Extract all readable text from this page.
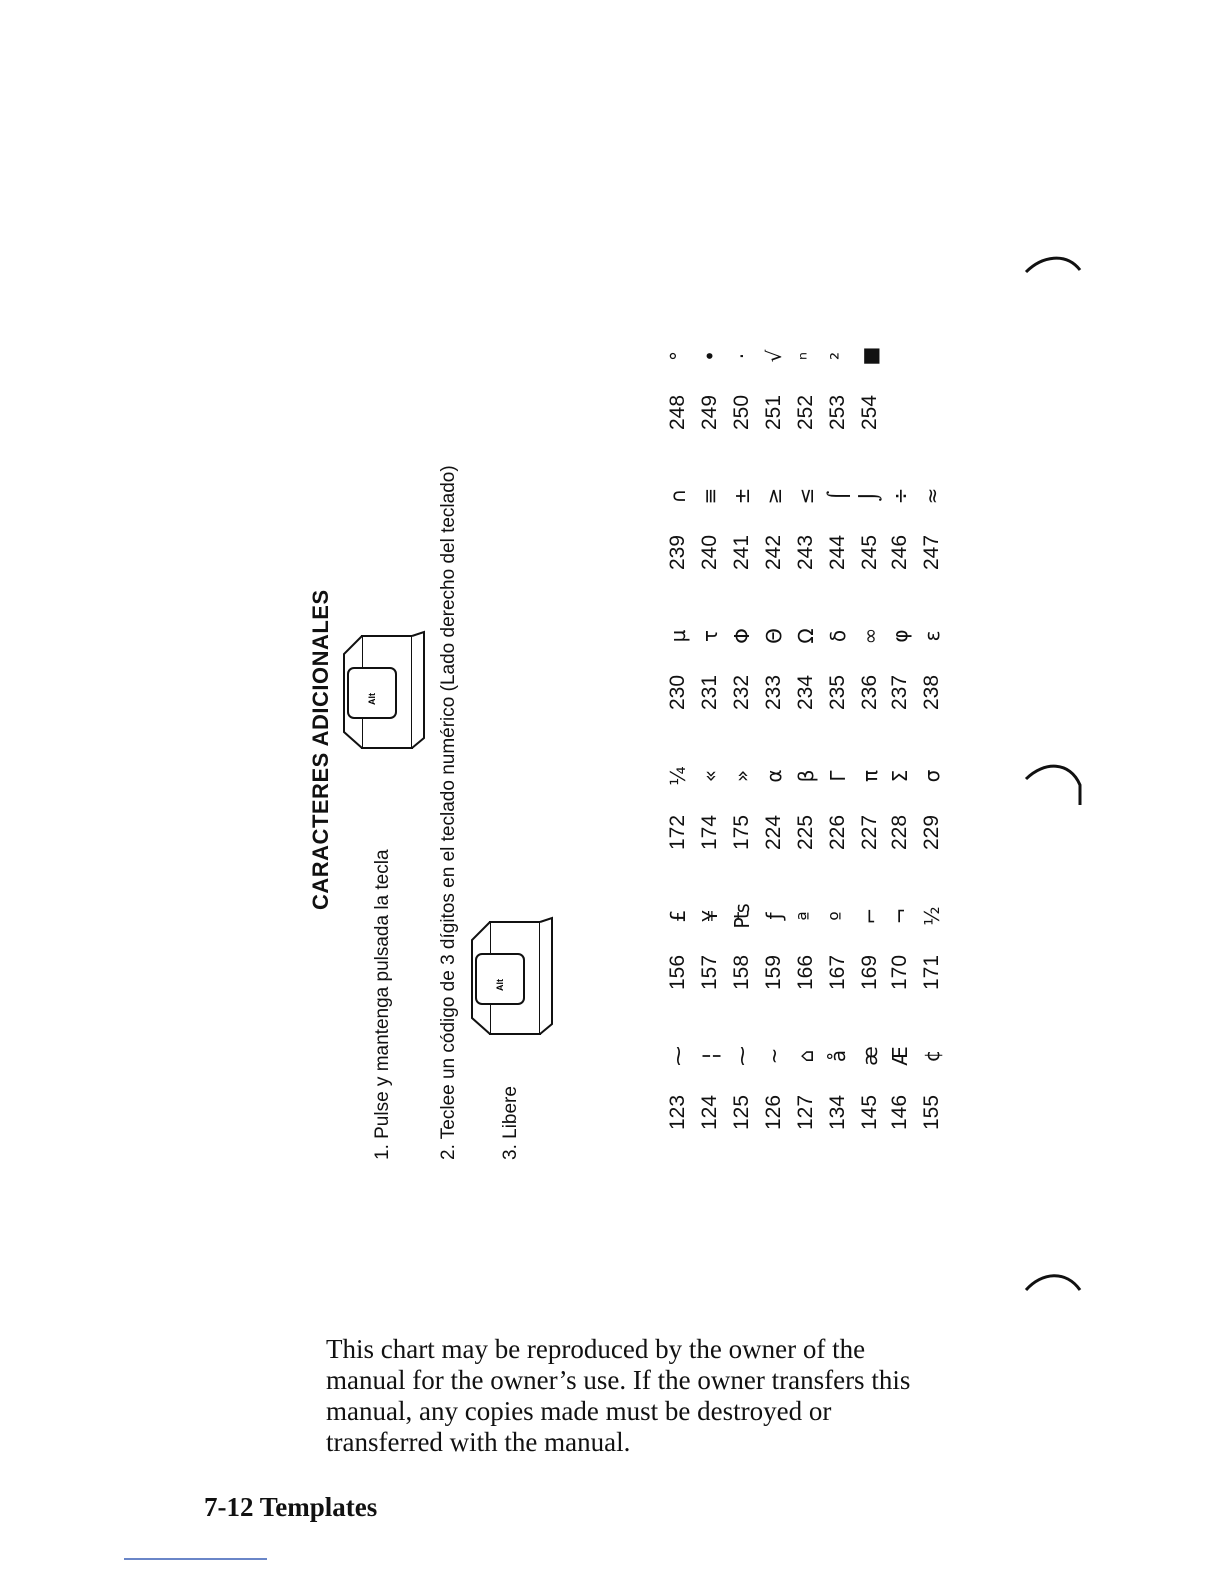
CARACTERES ADICIONALES
1. Pulse y mantenga pulsada la tecla
Alt	2. Teclee un código de 3 dígitos en el teclado numérico (Lado derecho del teclado) 3. Libere
Alt
123
⁓
124
¦
125
⁓
126
~
127
⌂
134
å
145
æ
146
Æ
155
¢
156
£
157
¥
158
₧
159
ƒ
166
ª
167
º
169
⌐
170
¬
171
½
172
¼
174
«
175
»
224
α
225
β
226
Γ
227
π
228
Σ
229
σ
230
µ
231
τ
232
Φ
233
Θ
234
Ω
235
δ
236
∞
237
φ
238
ε
239
∩
240
≡
241
±
242
≥
243
≤
244
⌠
245
⌡
246
÷
247
≈
248
°
249
•
250
·
251
√
252
ⁿ
253
²
254
■

This chart may be reproduced by the owner of the

manual for the owner’s use. If the owner transfers this

manual, any copies made must be destroyed or

transferred with the manual.

7-12 Templates
